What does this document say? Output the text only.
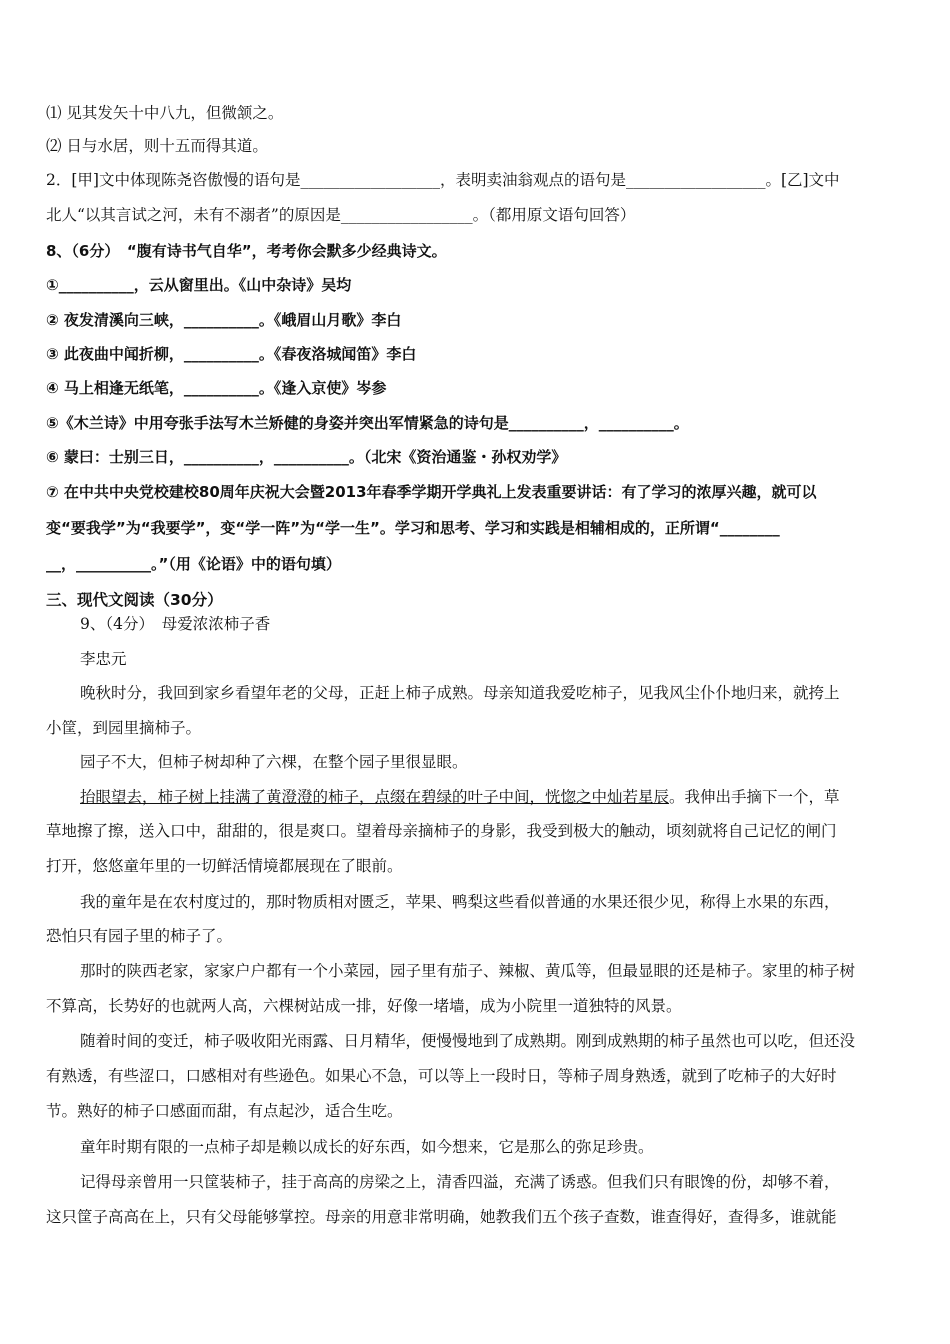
⑴ 见其发矢十中八九，但微颔之。
⑵ 日与水居，则十五而得其道。
2．[甲]文中体现陈尧咨傲慢的语句是__________________，表明卖油翁观点的语句是__________________。[乙]文中
北人“以其言试之河，未有不溺者”的原因是_________________。（都用原文语句回答）
8、（6分）　“腹有诗书气自华”，考考你会默多少经典诗文。
①__________，云从窗里出。《山中杂诗》吴均
② 夜发清溪向三峡，__________。《峨眉山月歌》李白
③ 此夜曲中闻折柳，__________。《春夜洛城闻笛》李白
④ 马上相逢无纸笔，__________。《逢入京使》岑参
⑤《木兰诗》中用夸张手法写木兰矫健的身姿并突出军情紧急的诗句是__________，__________。
⑥ 蒙曰：士别三日，__________，__________。（北宋《资治通鉴・孙权劝学》
⑦ 在中共中央党校建校80周年庆祝大会暨2013年春季学期开学典礼上发表重要讲话：有了学习的浓厚兴趣，就可以
变“要我学”为“我要学”，变“学一阵”为“学一生”。学习和思考、学习和实践是相辅相成的，正所谓“________
__，__________。”（用《论语》中的语句填）
三、现代文阅读（30分）
9、（4分）　母爱浓浓柿子香
李忠元
晚秋时分，我回到家乡看望年老的父母，正赶上柿子成熟。母亲知道我爱吃柿子，见我风尘仆仆地归来，就挎上
小筐，到园里摘柿子。
园子不大，但柿子树却种了六棵，在整个园子里很显眼。
抬眼望去，柿子树上挂满了黄澄澄的柿子，点缀在碧绿的叶子中间，恍惚之中灿若星辰。我伸出手摘下一个，草
草地擦了擦，送入口中，甜甜的，很是爽口。望着母亲摘柿子的身影，我受到极大的触动，顷刻就将自己记忆的闸门
打开，悠悠童年里的一切鲜活情境都展现在了眼前。
我的童年是在农村度过的，那时物质相对匮乏，苹果、鸭梨这些看似普通的水果还很少见，称得上水果的东西，
恐怕只有园子里的柿子了。
那时的陕西老家，家家户户都有一个小菜园，园子里有茄子、辣椒、黄瓜等，但最显眼的还是柿子。家里的柿子树
不算高，长势好的也就两人高，六棵树站成一排，好像一堵墙，成为小院里一道独特的风景。
随着时间的变迁，柿子吸收阳光雨露、日月精华，便慢慢地到了成熟期。刚到成熟期的柿子虽然也可以吃，但还没
有熟透，有些涩口，口感相对有些逊色。如果心不急，可以等上一段时日，等柿子周身熟透，就到了吃柿子的大好时
节。熟好的柿子口感面而甜，有点起沙，适合生吃。
童年时期有限的一点柿子却是赖以成长的好东西，如今想来，它是那么的弥足珍贵。
记得母亲曾用一只筐装柿子，挂于高高的房梁之上，清香四溢，充满了诱惑。但我们只有眼馋的份，却够不着，
这只筐子高高在上，只有父母能够掌控。母亲的用意非常明确，她教我们五个孩子查数，谁查得好，查得多，谁就能
